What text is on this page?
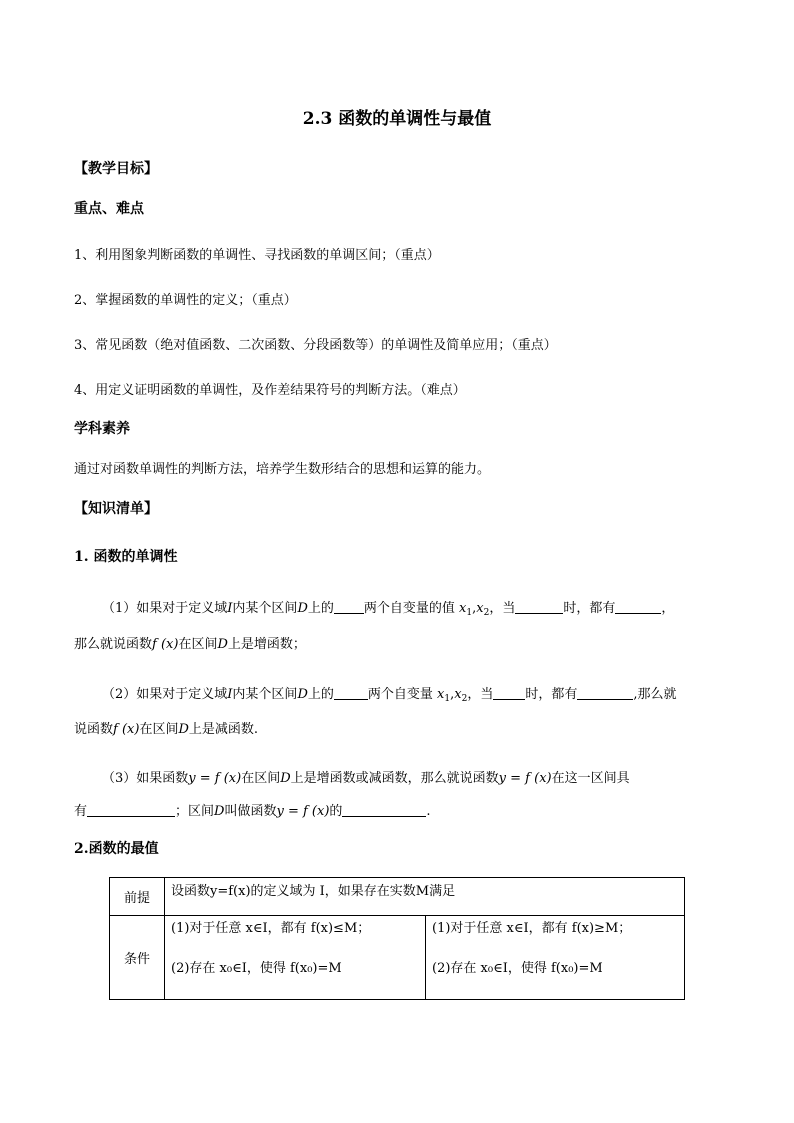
2.3 函数的单调性与最值
【教学目标】
重点、难点
1、利用图象判断函数的单调性、寻找函数的单调区间；（重点）
2、掌握函数的单调性的定义；（重点）
3、常见函数（绝对值函数、二次函数、分段函数等）的单调性及简单应用；（重点）
4、用定义证明函数的单调性，及作差结果符号的判断方法。（难点）
学科素养
通过对函数单调性的判断方法，培养学生数形结合的思想和运算的能力。
【知识清单】
1. 函数的单调性
（1）如果对于定义域I内某个区间D上的 两个自变量的值 $x_1,x_2$，当	时，都有	，
那么就说函数f (x)在区间D上是增函数；
（2）如果对于定义域I内某个区间D上的	两个自变量 $x_1,x_2$，当 时，都有	,那么就
说函数f (x)在区间D上是减函数.
（3）如果函数y = f (x)在区间D上是增函数或减函数，那么就说函数y = f (x)在这一区间具
有	；区间D叫做函数y = f (x)的	.
2.函数的最值
前提	设函数y=f(x)的定义域为 I，如果存在实数M满足	
条件	(1)对于任意 x∈I，都有 f(x)≤M；
(2)存在 x₀∈I，使得 f(x₀)=M	(1)对于任意 x∈I，都有 f(x)≥M；
(2)存在 x₀∈I，使得 f(x₀)=M
